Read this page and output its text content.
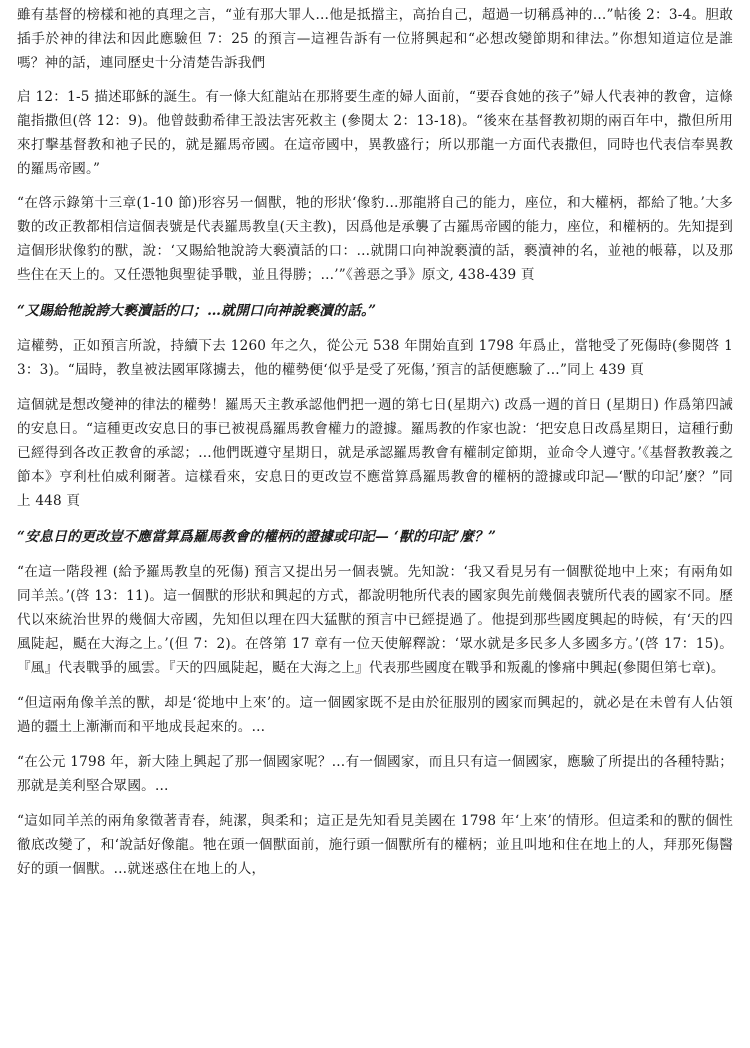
雖有基督的榜樣和祂的真理之言，“並有那大罪人…他是抵擋主，高抬自己，超過一切稱爲神的…”帖後 2：3-4。胆敢插手於神的律法和因此應驗但 7：25 的預言—這裡告訴有一位將興起和“必想改變節期和律法。”你想知道這位是誰嗎？神的話，連同歷史十分清楚告訴我們

启 12：1-5 描述耶穌的誕生。有一條大紅龍站在那將要生產的婦人面前，“要吞食她的孩子”婦人代表神的教會，這條龍指撒但(啓 12：9)。他曾鼓動希律王設法害死救主 (參閱太 2：13-18)。“後來在基督教初期的兩百年中，撒但所用來打擊基督教和祂子民的，就是羅馬帝國。在這帝國中，異教盛行；所以那龍一方面代表撒但，同時也代表信奉異教的羅馬帝國。”

“在啓示錄第十三章(1-10 節)形容另一個獸，牠的形狀‘像豹…那龍將自己的能力，座位，和大權柄，都給了牠。’大多數的改正教都相信這個表號是代表羅馬教皇(天主教)，因爲他是承襲了古羅馬帝國的能力，座位，和權柄的。先知提到這個形狀像豹的獸，說：‘又賜給牠說誇大褻瀆話的口：…就開口向神說褻瀆的話，褻瀆神的名，並祂的帳幕，以及那些住在天上的。又任憑牠與聖徒爭戰，並且得勝；…’”《善惡之爭》原文, 438-439 頁

“又賜給牠說誇大褻瀆話的口；…就開口向神說褻瀆的話。”

這權勢，正如預言所說，持續下去 1260 年之久，從公元 538 年開始直到 1798 年爲止，當牠受了死傷時(參閱啓 13：3)。“屆時，教皇被法國軍隊擄去，他的權勢便‘似乎是受了死傷，’預言的話便應驗了…”同上 439 頁

這個就是想改變神的律法的權勢！羅馬天主教承認他們把一週的第七日(星期六) 改爲一週的首日 (星期日) 作爲第四誡的安息日。“這種更改安息日的事已被視爲羅馬教會權力的證據。羅馬教的作家也說：‘把安息日改爲星期日，這種行動已經得到各改正教會的承認；…他們既遵守星期日，就是承認羅馬教會有權制定節期，並命令人遵守。’《基督教教義之節本》亨利杜伯威利爾著。這樣看來，安息日的更改豈不應當算爲羅馬教會的權柄的證據或印記—‘獸的印記’麼？”同上 448 頁

“安息日的更改豈不應當算爲羅馬教會的權柄的證據或印記— ‘獸的印記’麼？”

“在這一階段裡 (給予羅馬教皇的死傷) 預言又提出另一個表號。先知說：‘我又看見另有一個獸從地中上來；有兩角如同羊羔。’(啓 13：11)。這一個獸的形狀和興起的方式，都說明牠所代表的國家與先前幾個表號所代表的國家不同。歷代以來統治世界的幾個大帝國，先知但以理在四大猛獸的預言中已經提過了。他提到那些國度興起的時候，有‘天的四風陡起，颳在大海之上。’(但 7：2)。在啓第 17 章有一位天使解釋說：‘眾水就是多民多人多國多方。’(啓 17：15)。『風』代表戰爭的風雲。『天的四風陡起，颳在大海之上』代表那些國度在戰爭和叛亂的慘痛中興起(參閱但第七章)。

“但這兩角像羊羔的獸，却是‘從地中上來’的。這一個國家既不是由於征服別的國家而興起的，就必是在未曾有人佔領過的疆土上漸漸而和平地成長起來的。…

“在公元 1798 年，新大陸上興起了那一個國家呢？…有一個國家，而且只有這一個國家，應驗了所提出的各種特點；那就是美利堅合眾國。…

“這如同羊羔的兩角象徵著青春，純潔，與柔和；這正是先知看見美國在 1798 年‘上來’的情形。但這柔和的獸的個性徹底改變了，和‘說話好像龍。牠在頭一個獸面前，施行頭一個獸所有的權柄；並且叫地和住在地上的人，拜那死傷醫好的頭一個獸。…就迷惑住在地上的人，
